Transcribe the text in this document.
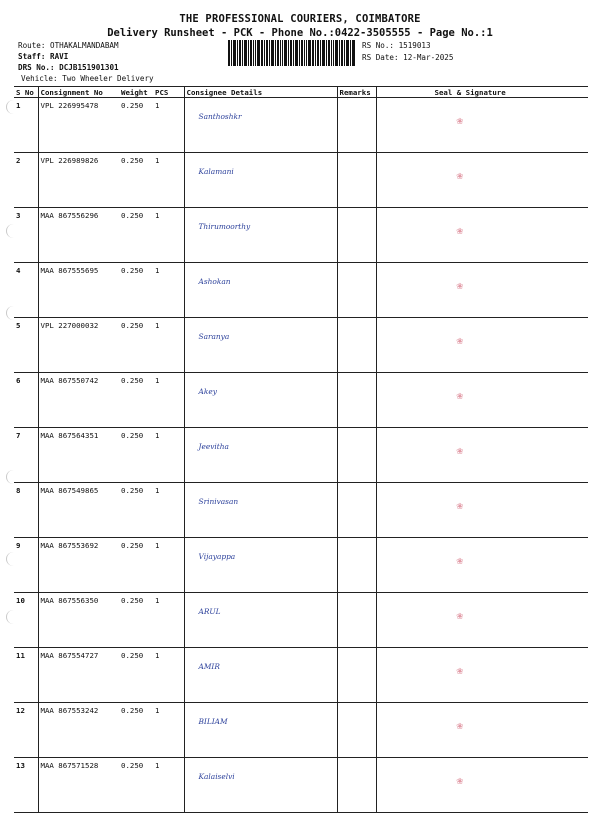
THE PROFESSIONAL COURIERS, COIMBATORE
Delivery Runsheet - PCK - Phone No.:0422-3505555 - Page No.:1
Route: OTHAKALMANDABAM
Staff: RAVI
DRS No.: DCJB151901301
Vehicle: Two Wheeler Delivery
RS No.: 1519013
RS Date: 12-Mar-2025
S No	Consignment No	Weight	PCS	Consignee Details	Remarks	Seal & Signature
1	VPL 226995478	0.250	1	Santhoshkr		❀

2	VPL 226989826	0.250	1	Kalamani		❀

3	MAA 867556296	0.250	1	Thirumoorthy		❀

4	MAA 867555695	0.250	1	Ashokan		❀

5	VPL 227000032	0.250	1	Saranya		❀

6	MAA 867550742	0.250	1	Akey		❀

7	MAA 867564351	0.250	1	Jeevitha		❀

8	MAA 867549865	0.250	1	Srinivasan		❀

9	MAA 867553692	0.250	1	Vijayappa		❀

10	MAA 867556350	0.250	1	ARUL		❀

11	MAA 867554727	0.250	1	AMIR		❀

12	MAA 867553242	0.250	1	BILIAM		❀

13	MAA 867571528	0.250	1	Kalaiselvi		❀
